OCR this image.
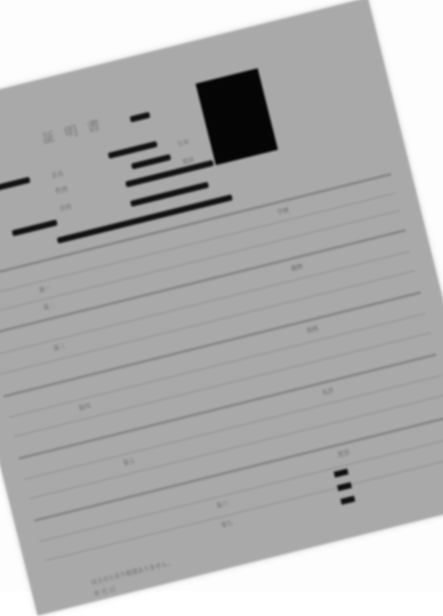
証 明 書
氏名
性別
住所
生年
電話
学歴
職歴
資格
免許
賞罰
第一
第二
第三
第四
第五
第六
第七
以上のとおり相違ありません。
年 月 日
